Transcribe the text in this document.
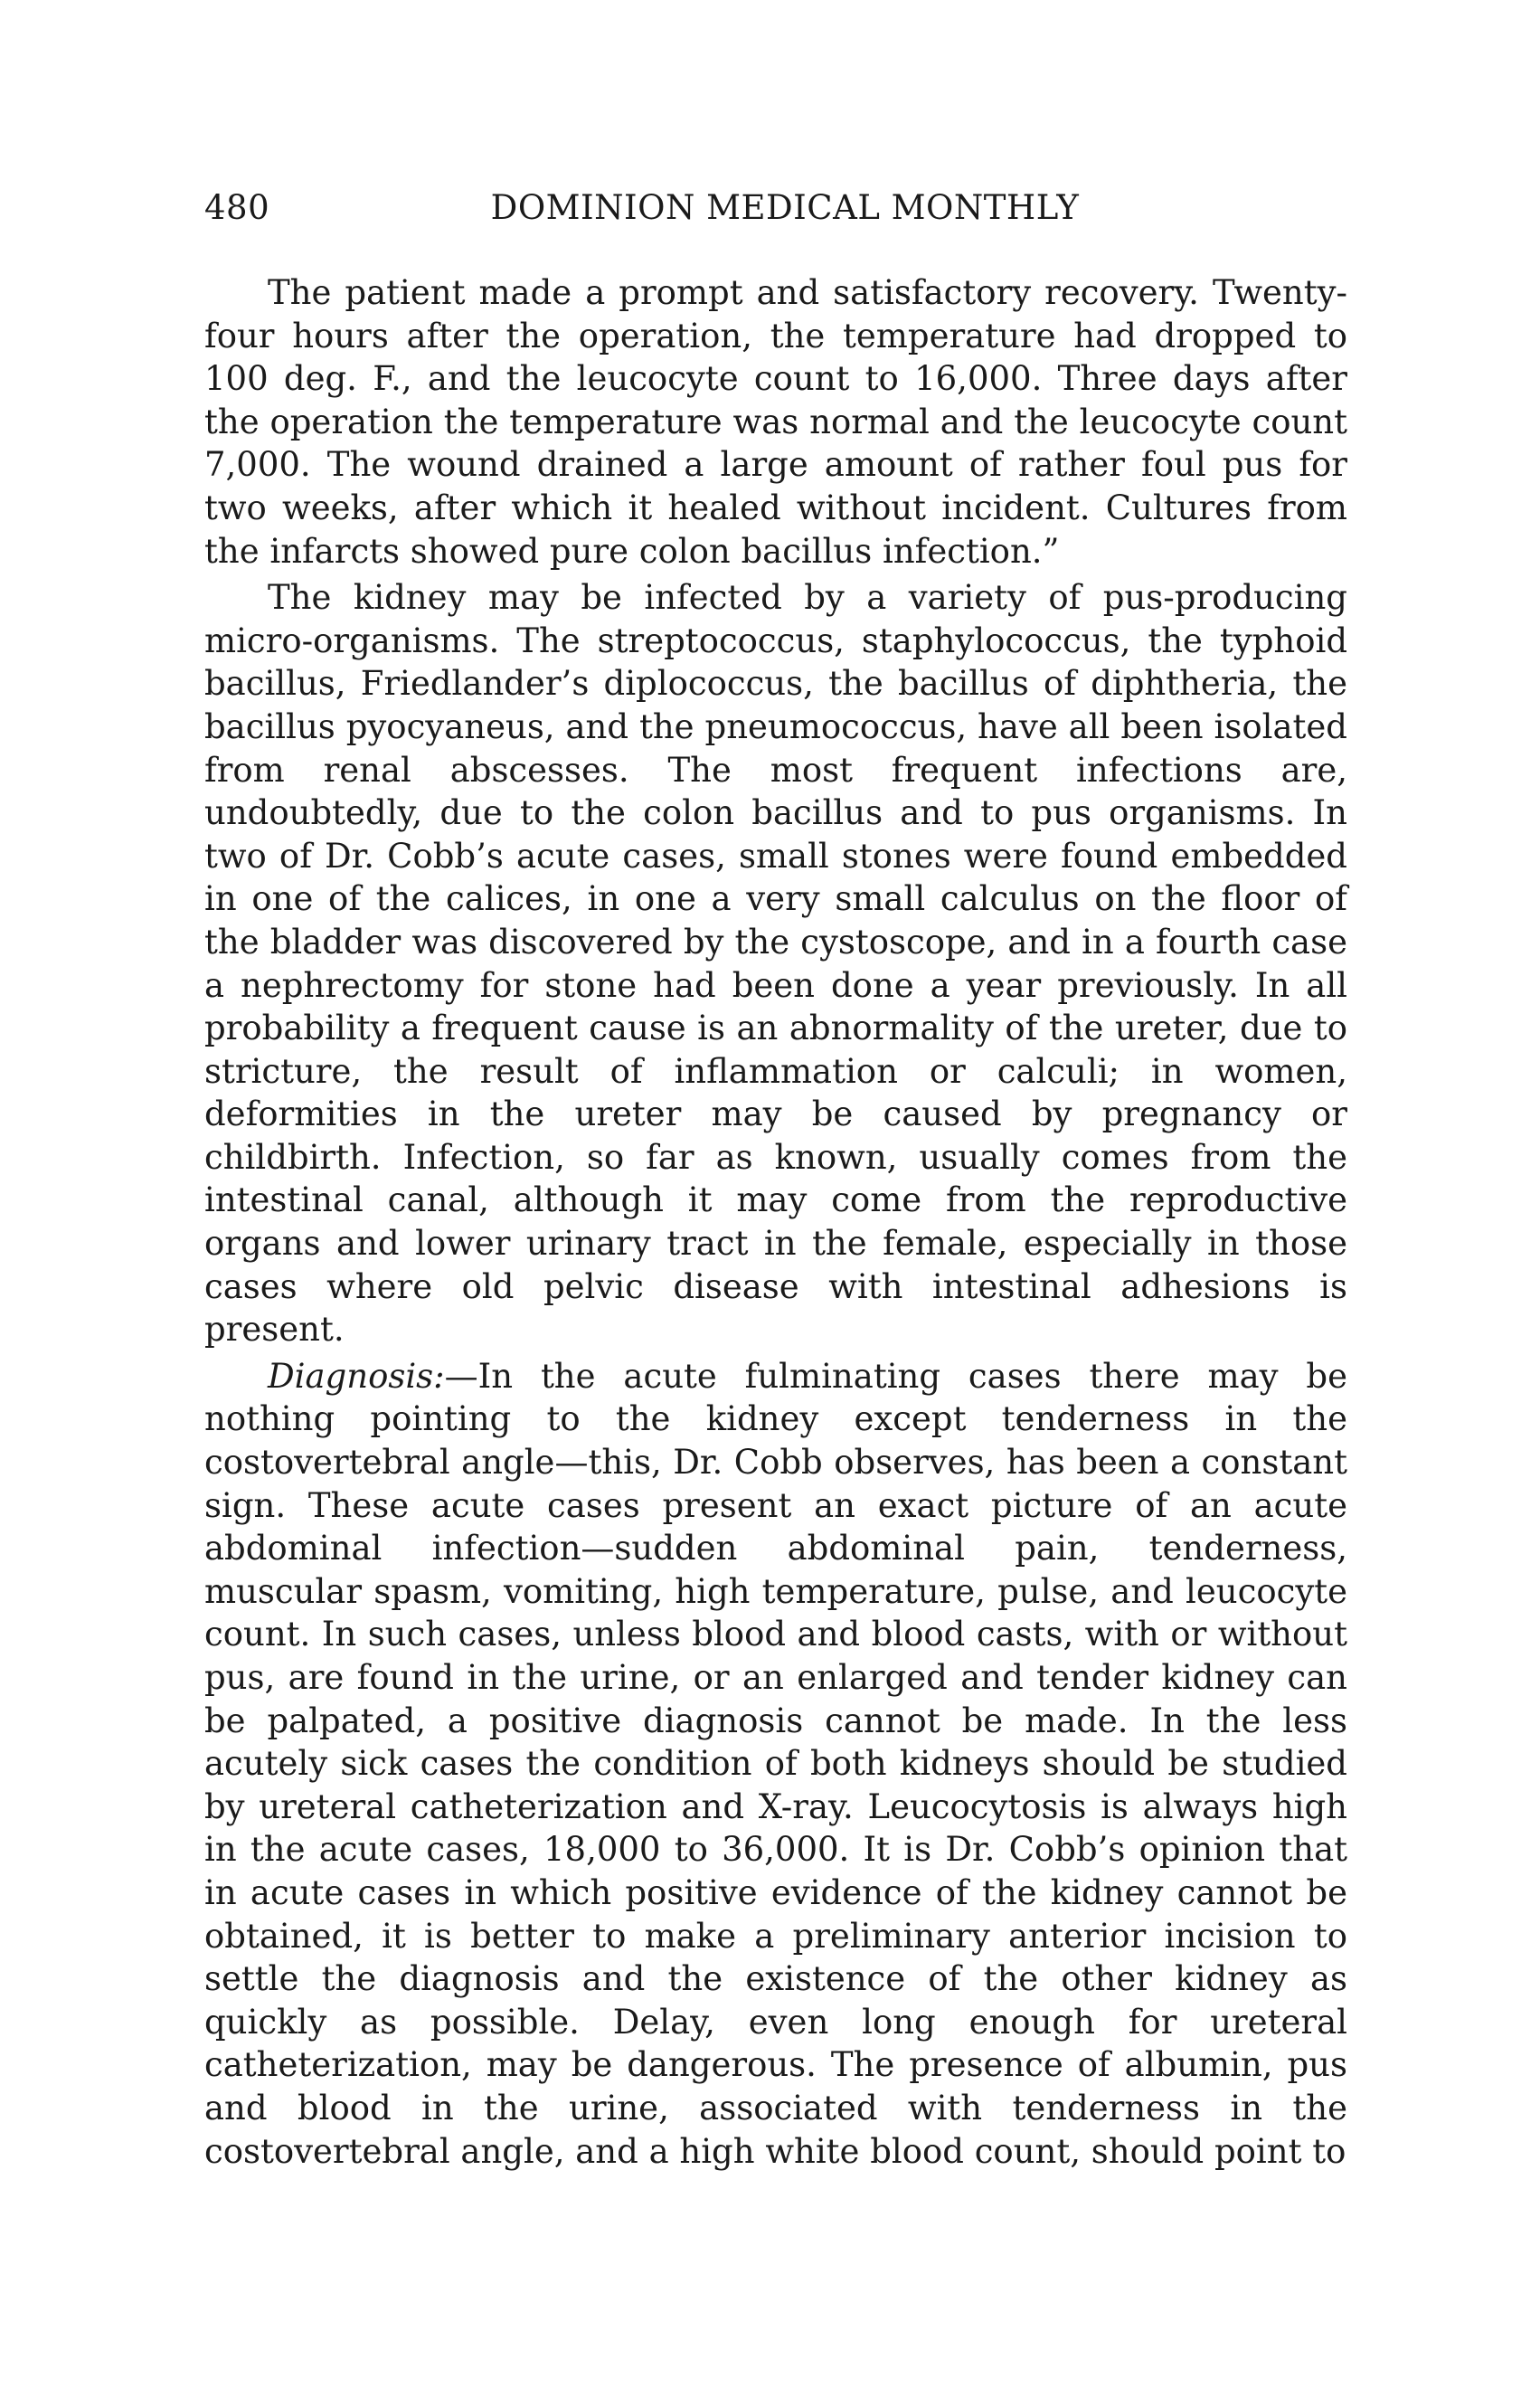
480	DOMINION MEDICAL MONTHLY

The patient made a prompt and satisfactory recovery. Twenty-four hours after the operation, the temperature had dropped to 100 deg. F., and the leucocyte count to 16,000. Three days after the operation the temperature was normal and the leucocyte count 7,000. The wound drained a large amount of rather foul pus for two weeks, after which it healed without incident. Cultures from the infarcts showed pure colon bacillus infection.”

The kidney may be infected by a variety of pus-producing micro-organisms. The streptococcus, staphylococcus, the typhoid bacillus, Friedlander’s diplococcus, the bacillus of diphtheria, the bacillus pyocyaneus, and the pneumococcus, have all been isolated from renal abscesses. The most frequent infections are, undoubtedly, due to the colon bacillus and to pus organisms. In two of Dr. Cobb’s acute cases, small stones were found embedded in one of the calices, in one a very small calculus on the floor of the bladder was discovered by the cystoscope, and in a fourth case a nephrectomy for stone had been done a year previously. In all probability a frequent cause is an abnormality of the ureter, due to stricture, the result of inflammation or calculi; in women, deformities in the ureter may be caused by pregnancy or childbirth. Infection, so far as known, usually comes from the intestinal canal, although it may come from the reproductive organs and lower urinary tract in the female, especially in those cases where old pelvic disease with intestinal adhesions is present.

Diagnosis:—In the acute fulminating cases there may be nothing pointing to the kidney except tenderness in the costovertebral angle—this, Dr. Cobb observes, has been a constant sign. These acute cases present an exact picture of an acute abdominal infection—sudden abdominal pain, tenderness, muscular spasm, vomiting, high temperature, pulse, and leucocyte count. In such cases, unless blood and blood casts, with or without pus, are found in the urine, or an enlarged and tender kidney can be palpated, a positive diagnosis cannot be made. In the less acutely sick cases the condition of both kidneys should be studied by ureteral catheterization and X-ray. Leucocytosis is always high in the acute cases, 18,000 to 36,000. It is Dr. Cobb’s opinion that in acute cases in which positive evidence of the kidney cannot be obtained, it is better to make a preliminary anterior incision to settle the diagnosis and the existence of the other kidney as quickly as possible. Delay, even long enough for ureteral catheterization, may be dangerous. The presence of albumin, pus and blood in the urine, associated with tenderness in the costovertebral angle, and a high white blood count, should point to
